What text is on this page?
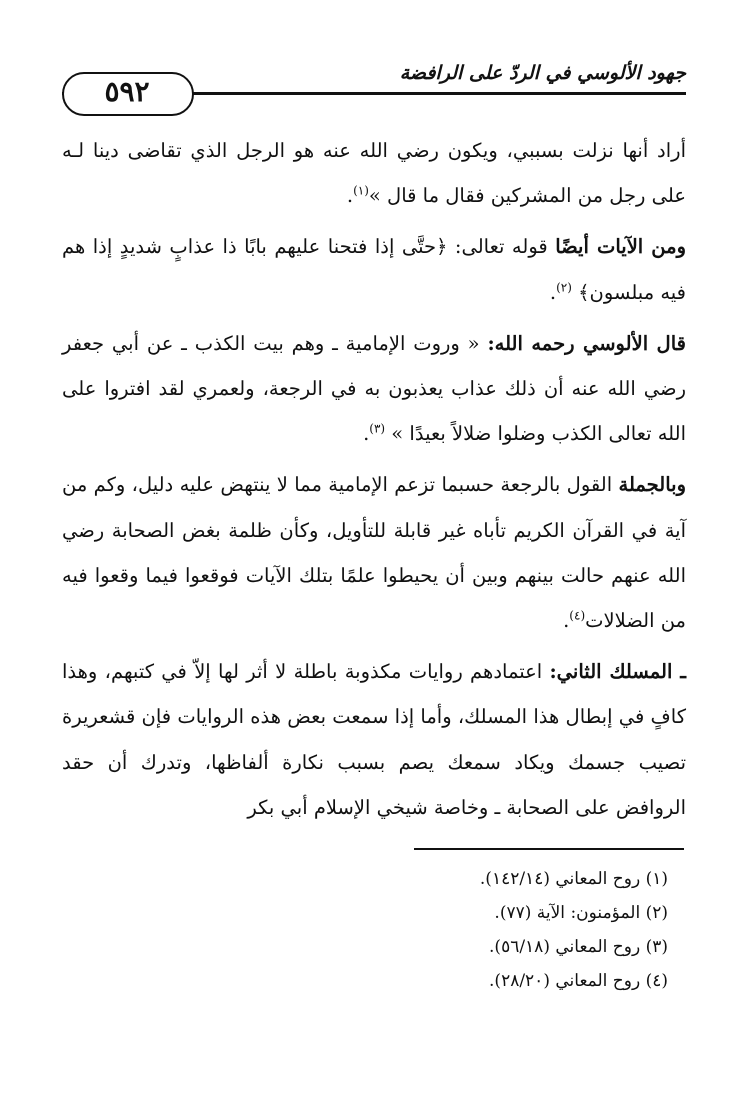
جهود الألوسي في الردّ على الرافضة
٥٩٢

أراد أنها نزلت بسببي، ويكون رضي الله عنه هو الرجل الذي تقاضى دينا لـه على رجل من المشركين فقال ما قال »$^{(١)}$.

ومن الآيات أيضًا قوله تعالى: ﴿حتَّى إذا فتحنا عليهم بابًا ذا عذابٍ شديدٍ إذا هم فيه مبلسون﴾ $^{(٢)}$.

قال الألوسي رحمه الله: « وروت الإمامية ـ وهم بيت الكذب ـ عن أبي جعفر رضي الله عنه أن ذلك عذاب يعذبون به في الرجعة، ولعمري لقد افتروا على الله تعالى الكذب وضلوا ضلالاً بعيدًا » $^{(٣)}$.

وبالجملة القول بالرجعة حسبما تزعم الإمامية مما لا ينتهض عليه دليل، وكم من آية في القرآن الكريم تأباه غير قابلة للتأويل، وكأن ظلمة بغض الصحابة رضي الله عنهم حالت بينهم وبين أن يحيطوا علمًا بتلك الآيات فوقعوا فيما وقعوا فيه من الضلالات$^{(٤)}$.

ـ المسلك الثاني: اعتمادهم روايات مكذوبة باطلة لا أثر لها إلاّ في كتبهم، وهذا كافٍ في إبطال هذا المسلك، وأما إذا سمعت بعض هذه الروايات فإن قشعريرة تصيب جسمك ويكاد سمعك يصم بسبب نكارة ألفاظها، وتدرك أن حقد الروافض على الصحابة ـ وخاصة شيخي الإسلام أبي بكر

(١) روح المعاني (١٤٢/١٤).

(٢) المؤمنون: الآية (٧٧).

(٣) روح المعاني (٥٦/١٨).

(٤) روح المعاني (٢٨/٢٠).
